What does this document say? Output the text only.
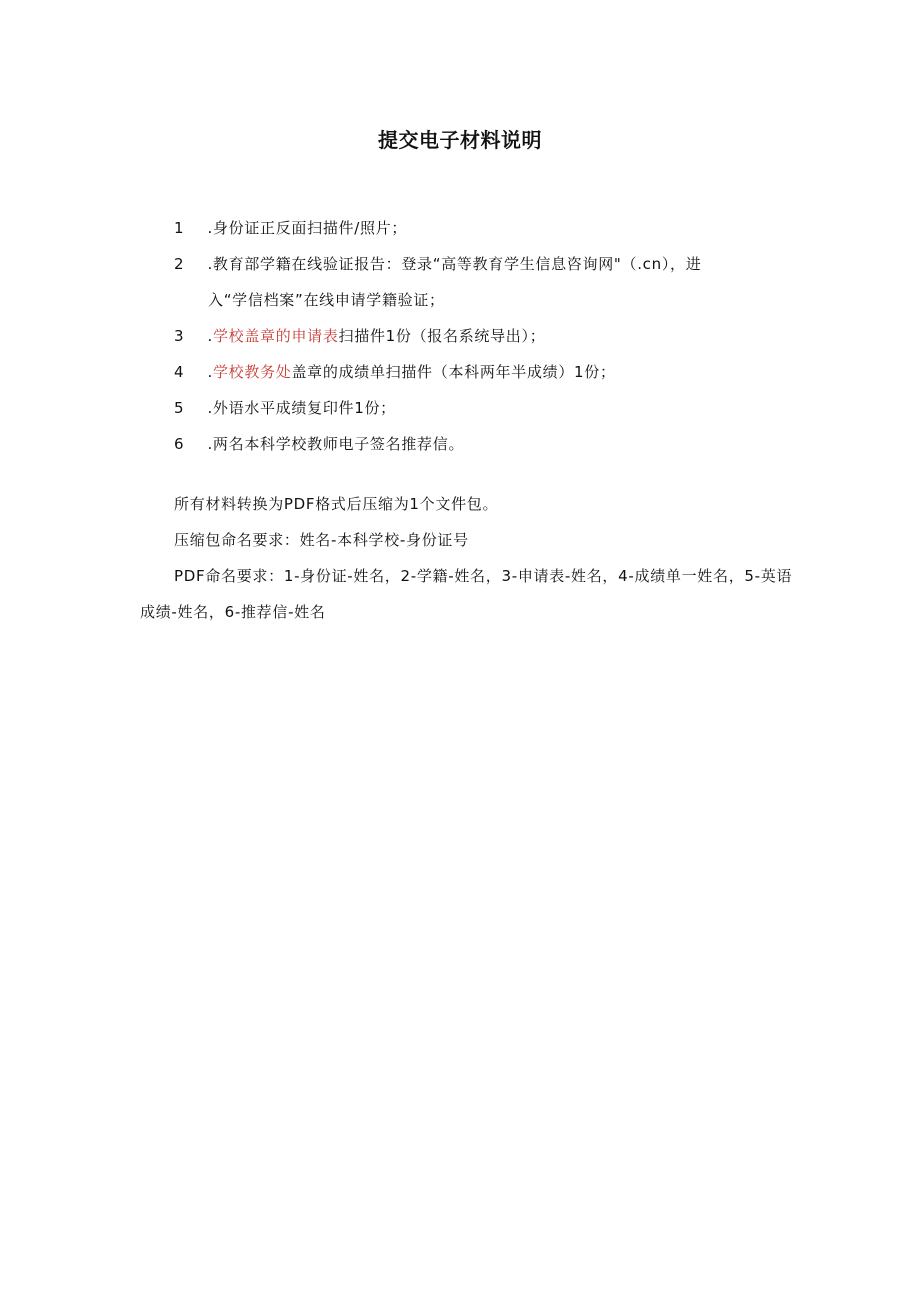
提交电子材料说明
1 .身份证正反面扫描件/照片；
2 .教育部学籍在线验证报告：登录“高等教育学生信息咨询网"（.cn），进
入“学信档案”在线申请学籍验证；
3 .学校盖章的申请表扫描件1份（报名系统导出）；
4 .学校教务处盖章的成绩单扫描件（本科两年半成绩）1份；
5 .外语水平成绩复印件1份；
6 .两名本科学校教师电子签名推荐信。
所有材料转换为PDF格式后压缩为1个文件包。
压缩包命名要求：姓名-本科学校-身份证号
PDF命名要求：1-身份证-姓名，2-学籍-姓名，3-申请表-姓名，4-成绩单一姓名，5-英语成绩-姓名，6-推荐信-姓名
